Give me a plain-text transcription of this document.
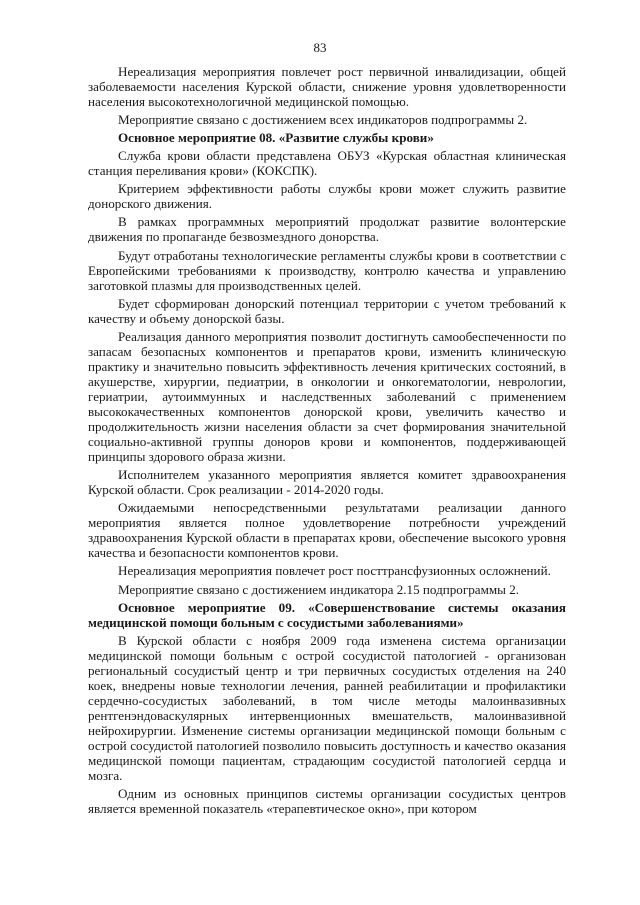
83

Нереализация мероприятия повлечет рост первичной инвалидизации, общей заболеваемости населения Курской области, снижение уровня удовлетворенности населения высокотехнологичной медицинской помощью.

Мероприятие связано с достижением всех индикаторов подпрограммы 2.

Основное мероприятие 08. «Развитие службы крови»

Служба крови области представлена ОБУЗ «Курская областная клиническая станция переливания крови» (КОКСПК).

Критерием эффективности работы службы крови может служить развитие донорского движения.

В рамках программных мероприятий продолжат развитие волонтерские движения по пропаганде безвозмездного донорства.

Будут отработаны технологические регламенты службы крови в соответствии с Европейскими требованиями к производству, контролю качества и управлению заготовкой плазмы для производственных целей.

Будет сформирован донорский потенциал территории с учетом требований к качеству и объему донорской базы.

Реализация данного мероприятия позволит достигнуть самообеспеченности по запасам безопасных компонентов и препаратов крови, изменить клиническую практику и значительно повысить эффективность лечения критических состояний, в акушерстве, хирургии, педиатрии, в онкологии и онкогематологии, неврологии, гериатрии, аутоиммунных и наследственных заболеваний с применением высококачественных компонентов донорской крови, увеличить качество и продолжительность жизни населения области за счет формирования значительной социально-активной группы доноров крови и компонентов, поддерживающей принципы здорового образа жизни.

Исполнителем указанного мероприятия является комитет здравоохранения Курской области. Срок реализации - 2014-2020 годы.

Ожидаемыми непосредственными результатами реализации данного мероприятия является полное удовлетворение потребности учреждений здравоохранения Курской области в препаратах крови, обеспечение высокого уровня качества и безопасности компонентов крови.

Нереализация мероприятия повлечет рост посттрансфузионных осложнений.

Мероприятие связано с достижением индикатора 2.15 подпрограммы 2.

Основное мероприятие 09. «Совершенствование системы оказания медицинской помощи больным с сосудистыми заболеваниями»

В Курской области с ноября 2009 года изменена система организации медицинской помощи больным с острой сосудистой патологией - организован региональный сосудистый центр и три первичных сосудистых отделения на 240 коек, внедрены новые технологии лечения, ранней реабилитации и профилактики сердечно-сосудистых заболеваний, в том числе методы малоинвазивных рентгенэндоваскулярных интервенционных вмешательств, малоинвазивной нейрохирургии. Изменение системы организации медицинской помощи больным с острой сосудистой патологией позволило повысить доступность и качество оказания медицинской помощи пациентам, страдающим сосудистой патологией сердца и мозга.

Одним из основных принципов системы организации сосудистых центров является временной показатель «терапевтическое окно», при котором
